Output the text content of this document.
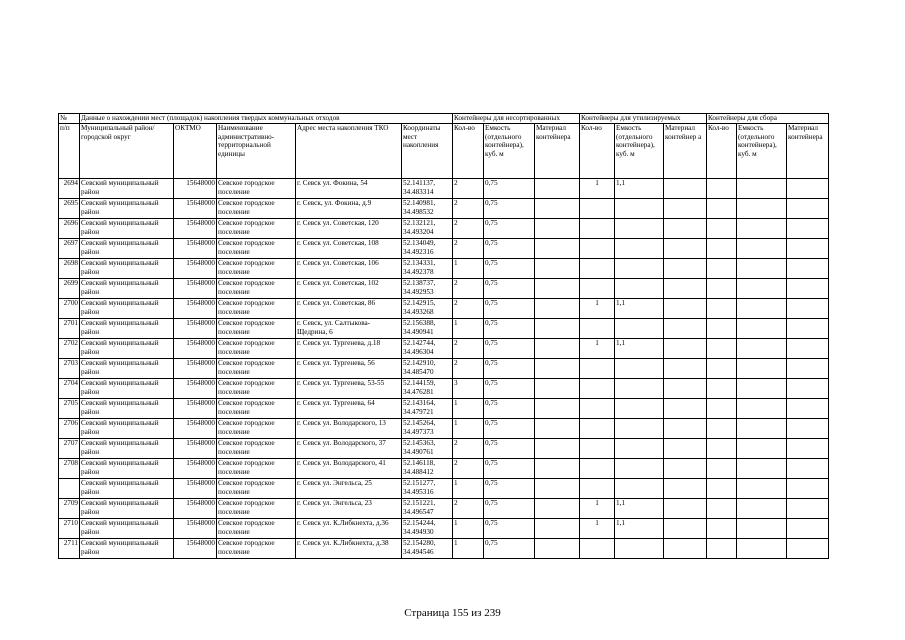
№	Данные о нахождении мест (площадок) накопления твердых коммунальных отходов					Контейнеры для несортированных			Контейнеры для утилизируемых			Контейнеры для сбора		
п/п	Муниципальный район/городской округ	ОКТМО	Наименование административно-территориальной единицы	Адрес места накопления ТКО	Координаты мест накопления	Кол-во	Емкость (отдельного контейнера), куб. м	Материал контейнера	Кол-во	Емкость (отдельного контейнера), куб. м	Материал контейнер а	Кол-во	Емкость (отдельного контейнера), куб. м	Материал контейнера
2694	Севский муниципальный район	15648000	Севское городское поселение	г. Севск ул. Фокина, 54	52.141137, 34.483314	2	0,75		1	1,1				
2695	Севский муниципальный район	15648000	Севское городское поселение	г. Севск, ул. Фокина, д.9	52.140981, 34.498532	2	0,75							
2696	Севский муниципальный район	15648000	Севское городское поселение	г. Севск ул. Советская, 120	52.132121, 34.493204	2	0,75							
2697	Севский муниципальный район	15648000	Севское городское поселение	г. Севск ул. Советская, 108	52.134049, 34.492316	2	0,75							
2698	Севский муниципальный район	15648000	Севское городское поселение	г. Севск ул. Советская, 106	52.134331, 34.492378	1	0,75							
2699	Севский муниципальный район	15648000	Севское городское поселение	г. Севск ул. Советская, 102	52.138737, 34.492953	2	0,75							
2700	Севский муниципальный район	15648000	Севское городское поселение	г. Севск ул. Советская, 86	52.142915, 34.493268	2	0,75		1	1,1				
2701	Севский муниципальный район	15648000	Севское городское поселение	г. Севск, ул. Салтыкова-Щедрина, 6	52.156388, 34.490941	1	0,75							
2702	Севский муниципальный район	15648000	Севское городское поселение	г. Севск ул. Тургенева, д.18	52.142744, 34.496304	2	0,75		1	1,1				
2703	Севский муниципальный район	15648000	Севское городское поселение	г. Севск ул. Тургенева, 56	52.142910, 34.485470	2	0,75							
2704	Севский муниципальный район	15648000	Севское городское поселение	г. Севск ул. Тургенева, 53-55	52.144159, 34.476281	3	0,75							
2705	Севский муниципальный район	15648000	Севское городское поселение	г. Севск ул. Тургенева, 64	52.143164, 34.479721	1	0,75							
2706	Севский муниципальный район	15648000	Севское городское поселение	г. Севск ул. Володарского, 13	52.145264, 34.497373	1	0,75							
2707	Севский муниципальный район	15648000	Севское городское поселение	г. Севск ул. Володарского, 37	52.145363, 34.490761	2	0,75							
2708	Севский муниципальный район	15648000	Севское городское поселение	г. Севск ул. Володарского, 41	52.146118, 34.488412	2	0,75							
	Севский муниципальный район	15648000	Севское городское поселение	г. Севск ул. Энгельса, 25	52.151277, 34.495316	1	0,75							
2709	Севский муниципальный район	15648000	Севское городское поселение	г. Севск ул. Энгельса, 23	52.151221, 34.496547	2	0,75		1	1,1				
2710	Севский муниципальный район	15648000	Севское городское поселение	г. Севск ул. К.Либкнехта, д.36	52.154244, 34.494930	1	0,75		1	1,1				
2711	Севский муниципальный район	15648000	Севское городское поселение	г. Севск ул. К.Либкнехта, д.38	52.154280, 34.494546	1	0,75							
Страница 155 из 239
